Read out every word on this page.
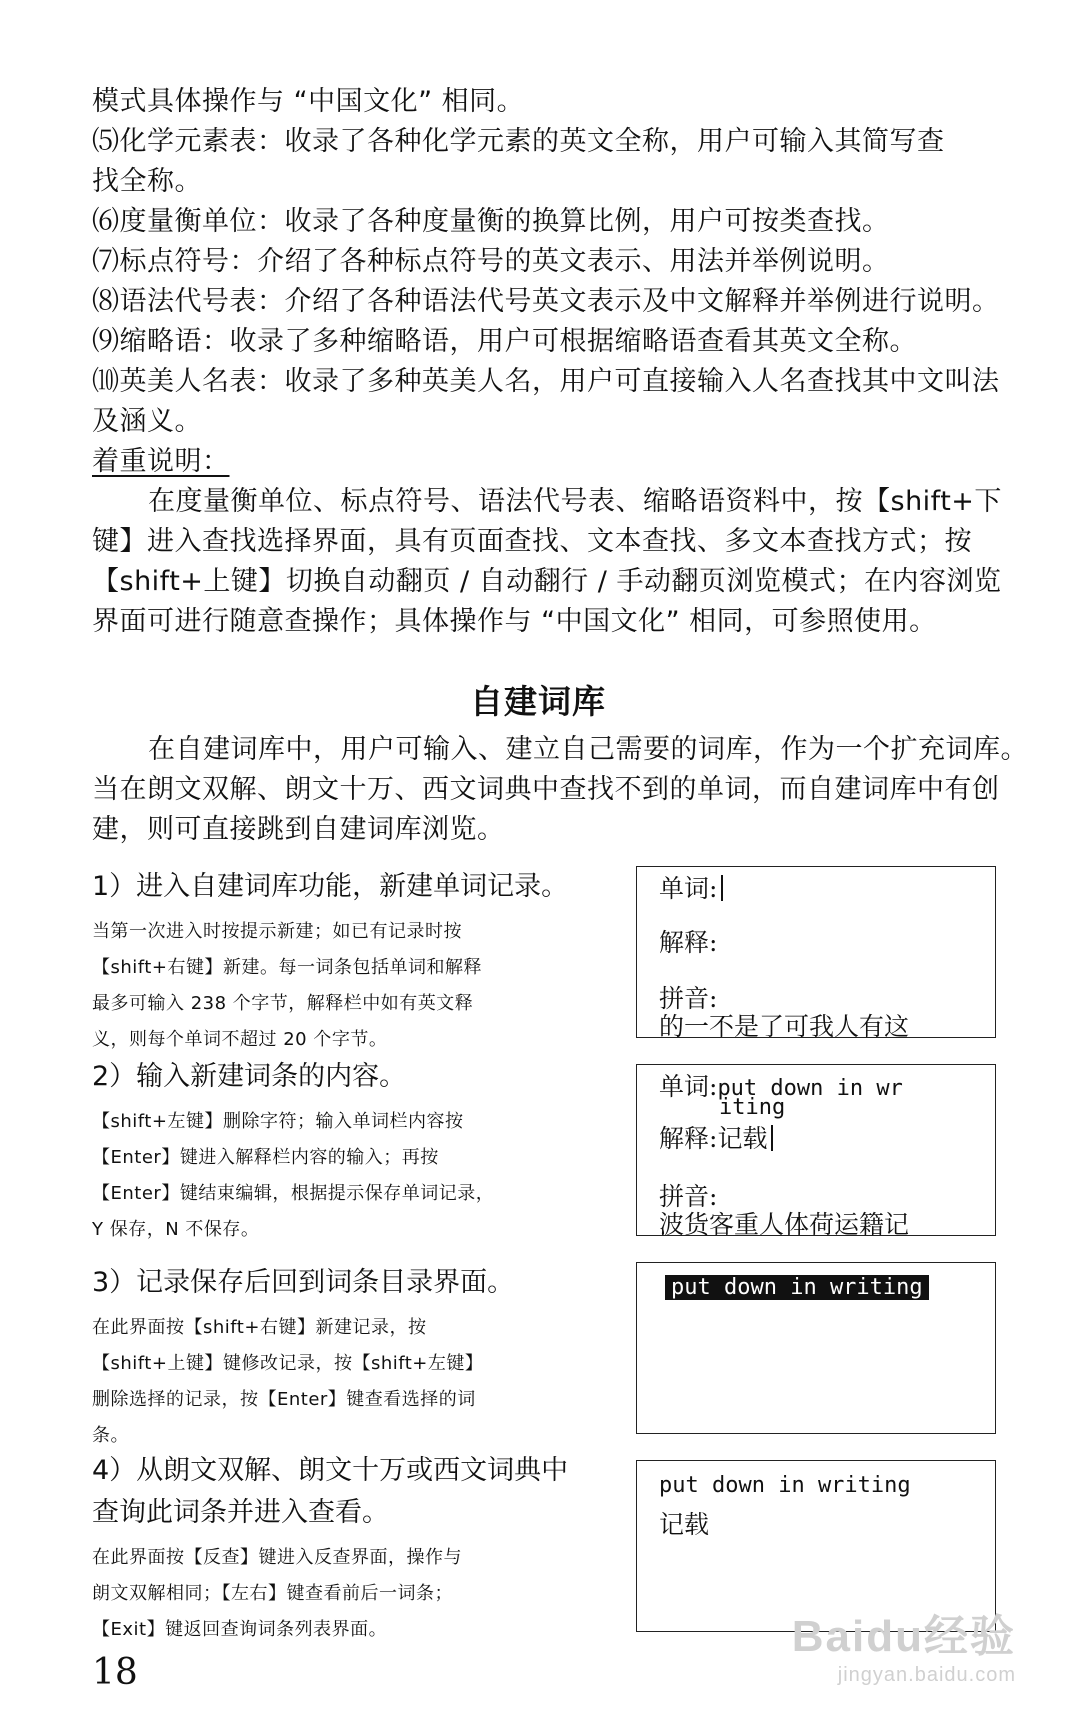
模式具体操作与 “中国文化” 相同。
⑸化学元素表：收录了各种化学元素的英文全称，用户可输入其简写查
找全称。
⑹度量衡单位：收录了各种度量衡的换算比例，用户可按类查找。
⑺标点符号：介绍了各种标点符号的英文表示、用法并举例说明。
⑻语法代号表：介绍了各种语法代号英文表示及中文解释并举例进行说明。
⑼缩略语：收录了多种缩略语，用户可根据缩略语查看其英文全称。
⑽英美人名表：收录了多种英美人名，用户可直接输入人名查找其中文叫法
及涵义。
着重说明：
在度量衡单位、标点符号、语法代号表、缩略语资料中，按【shift+下
键】进入查找选择界面，具有页面查找、文本查找、多文本查找方式；按
【shift+上键】切换自动翻页 / 自动翻行 / 手动翻页浏览模式；在内容浏览
界面可进行随意查操作；具体操作与 “中国文化” 相同，可参照使用。
自建词库
在自建词库中，用户可输入、建立自己需要的词库，作为一个扩充词库。
当在朗文双解、朗文十万、西文词典中查找不到的单词，而自建词库中有创
建，则可直接跳到自建词库浏览。
1）进入自建词库功能，新建单词记录。
当第一次进入时按提示新建；如已有记录时按
【shift+右键】新建。每一词条包括单词和解释
最多可输入 238 个字节，解释栏中如有英文释
义，则每个单词不超过 20 个字节。
2）输入新建词条的内容。
【shift+左键】删除字符；输入单词栏内容按
【Enter】键进入解释栏内容的输入；再按
【Enter】键结束编辑，根据提示保存单词记录，
Y 保存，N 不保存。
3）记录保存后回到词条目录界面。
在此界面按【shift+右键】新建记录，按
【shift+上键】键修改记录，按【shift+左键】
删除选择的记录，按【Enter】键查看选择的词
条。
4）从朗文双解、朗文十万或西文词典中
查询此词条并进入查看。
在此界面按【反查】键进入反查界面，操作与
朗文双解相同；【左右】键查看前后一词条；
【Exit】键返回查询词条列表界面。
单词:
解释:
拼音:
的一不是了可我人有这
单词:put down in wr
iting
解释:记载
拼音:
波货客重人体荷运籍记
put down in writing
put down in writing
记载
18
Baidu经验
jingyan.baidu.com
